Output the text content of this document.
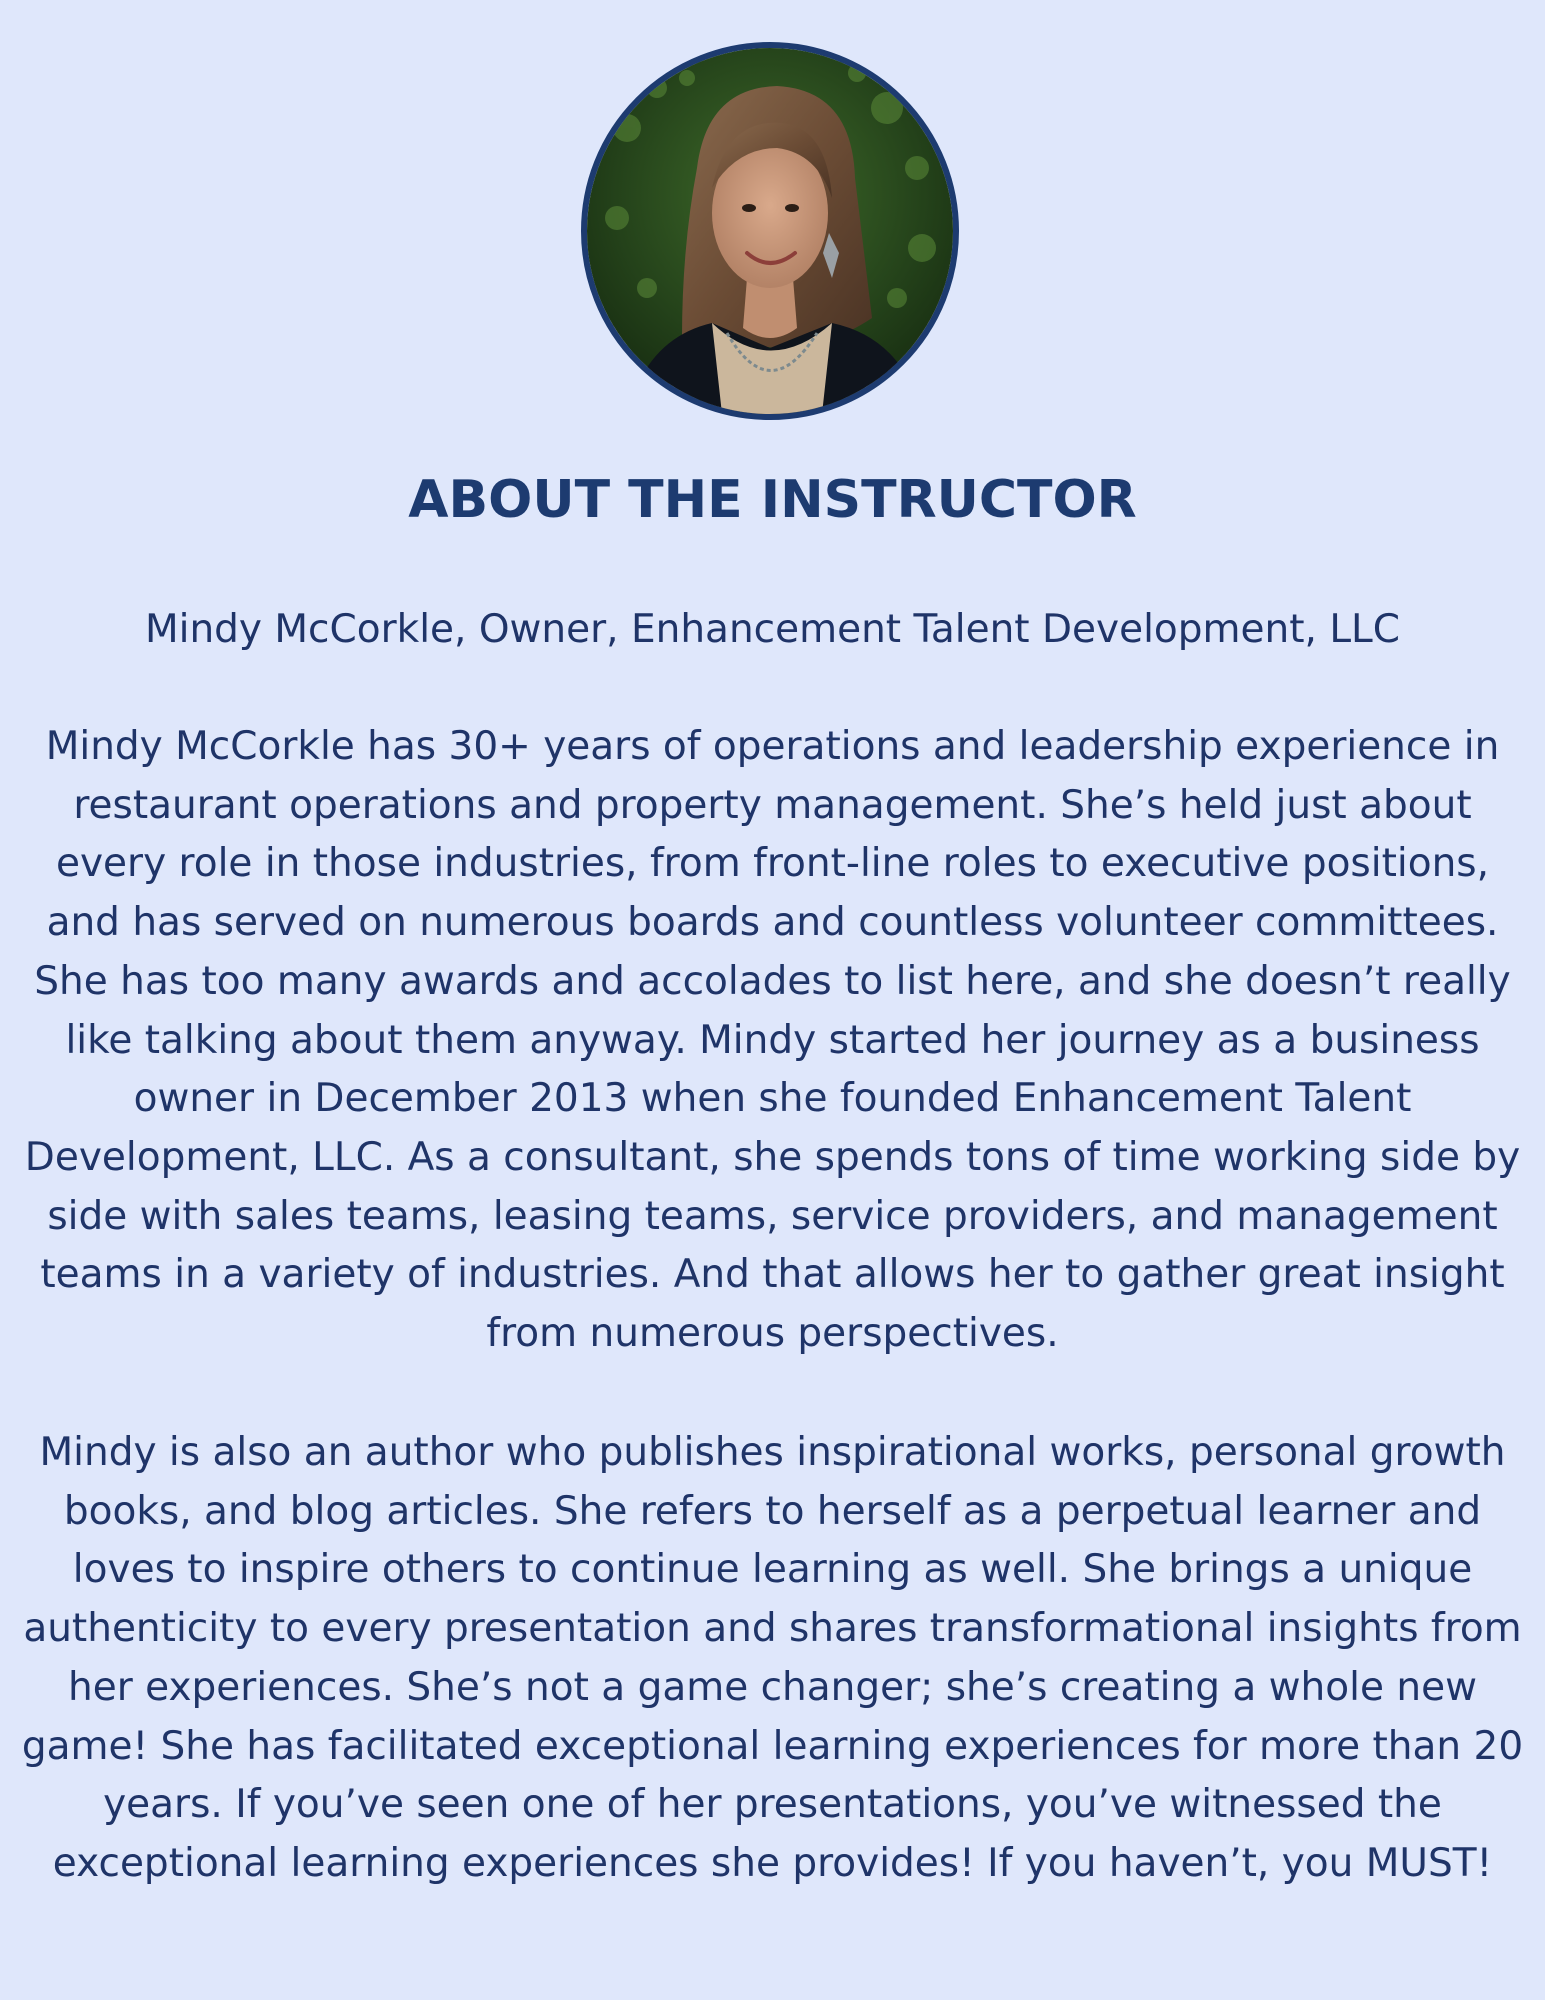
ABOUT THE INSTRUCTOR
Mindy McCorkle, Owner, Enhancement Talent Development, LLC

Mindy McCorkle has 30+ years of operations and leadership experience in restaurant operations and property management. She’s held just about every role in those industries, from front-line roles to executive positions, and has served on numerous boards and countless volunteer committees. She has too many awards and accolades to list here, and she doesn’t really like talking about them anyway. Mindy started her journey as a business owner in December 2013 when she founded Enhancement Talent Development, LLC. As a consultant, she spends tons of time working side by side with sales teams, leasing teams, service providers, and management teams in a variety of industries. And that allows her to gather great insight from numerous perspectives.

Mindy is also an author who publishes inspirational works, personal growth books, and blog articles. She refers to herself as a perpetual learner and loves to inspire others to continue learning as well. She brings a unique authenticity to every presentation and shares transformational insights from her experiences. She’s not a game changer; she’s creating a whole new game! She has facilitated exceptional learning experiences for more than 20 years. If you’ve seen one of her presentations, you’ve witnessed the exceptional learning experiences she provides! If you haven’t, you MUST!
